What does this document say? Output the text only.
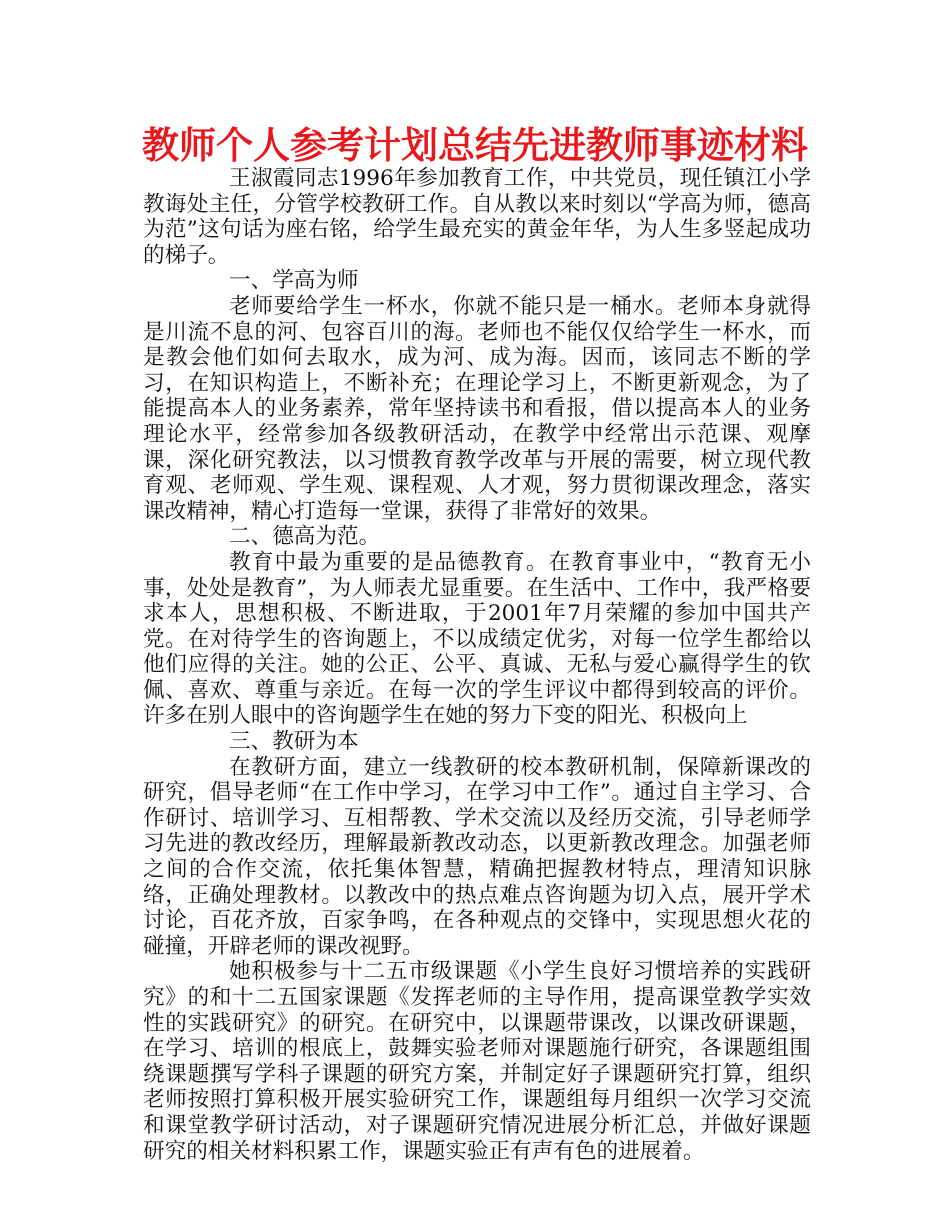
教师个人参考计划总结先进教师事迹材料

王淑霞同志1996年参加教育工作，中共党员，现任镇江小学教诲处主任，分管学校教研工作。自从教以来时刻以“学高为师，德高为范”这句话为座右铭，给学生最充实的黄金年华，为人生多竖起成功的梯子。

一、学高为师

老师要给学生一杯水，你就不能只是一桶水。老师本身就得是川流不息的河、包容百川的海。老师也不能仅仅给学生一杯水，而是教会他们如何去取水，成为河、成为海。因而，该同志不断的学习，在知识构造上，不断补充；在理论学习上，不断更新观念，为了能提高本人的业务素养，常年坚持读书和看报，借以提高本人的业务理论水平，经常参加各级教研活动，在教学中经常出示范课、观摩课，深化研究教法，以习惯教育教学改革与开展的需要，树立现代教育观、老师观、学生观、课程观、人才观，努力贯彻课改理念，落实课改精神，精心打造每一堂课，获得了非常好的效果。

二、德高为范。

教育中最为重要的是品德教育。在教育事业中，“教育无小事，处处是教育”，为人师表尤显重要。在生活中、工作中，我严格要求本人，思想积极、不断进取，于2001年7月荣耀的参加中国共产党。在对待学生的咨询题上，不以成绩定优劣，对每一位学生都给以他们应得的关注。她的公正、公平、真诚、无私与爱心赢得学生的钦佩、喜欢、尊重与亲近。在每一次的学生评议中都得到较高的评价。许多在别人眼中的咨询题学生在她的努力下变的阳光、积极向上

三、教研为本

在教研方面，建立一线教研的校本教研机制，保障新课改的研究，倡导老师“在工作中学习，在学习中工作”。通过自主学习、合作研讨、培训学习、互相帮教、学术交流以及经历交流，引导老师学习先进的教改经历，理解最新教改动态，以更新教改理念。加强老师之间的合作交流，依托集体智慧，精确把握教材特点，理清知识脉络，正确处理教材。以教改中的热点难点咨询题为切入点，展开学术讨论，百花齐放，百家争鸣，在各种观点的交锋中，实现思想火花的碰撞，开辟老师的课改视野。

她积极参与十二五市级课题《小学生良好习惯培养的实践研究》的和十二五国家课题《发挥老师的主导作用，提高课堂教学实效性的实践研究》的研究。在研究中，以课题带课改，以课改研课题，在学习、培训的根底上，鼓舞实验老师对课题施行研究，各课题组围绕课题撰写学科子课题的研究方案，并制定好子课题研究打算，组织老师按照打算积极开展实验研究工作，课题组每月组织一次学习交流和课堂教学研讨活动，对子课题研究情况进展分析汇总，并做好课题研究的相关材料积累工作，课题实验正有声有色的进展着。
